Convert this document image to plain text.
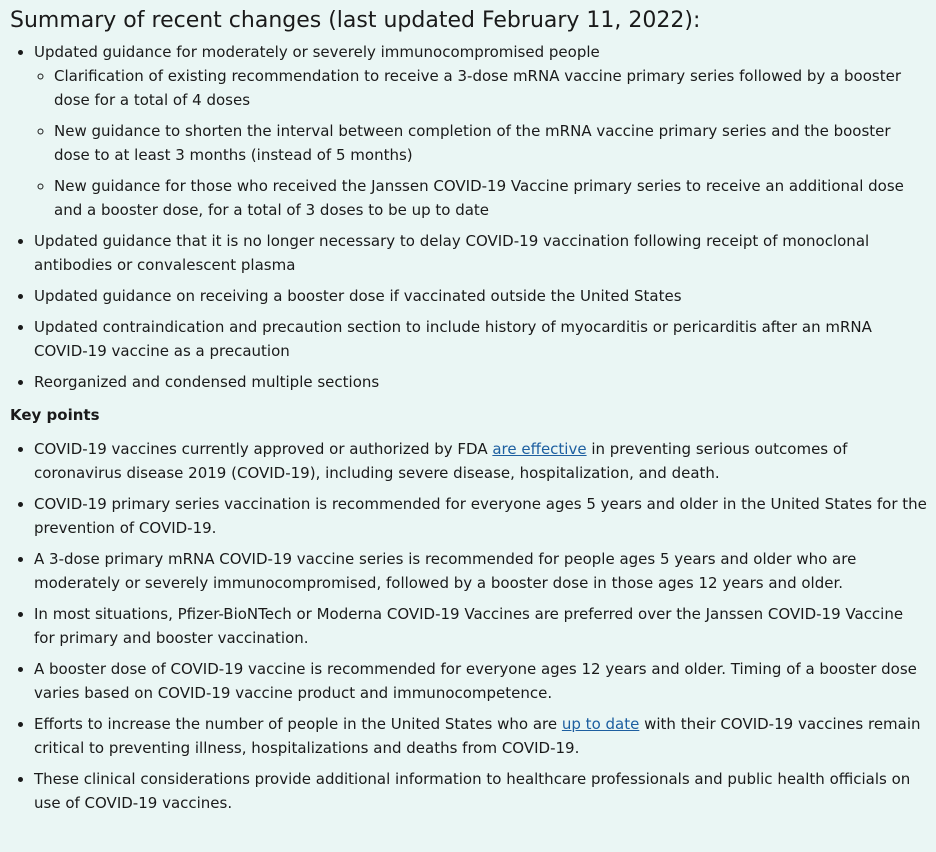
Summary of recent changes (last updated February 11, 2022):
• Updated guidance for moderately or severely immunocompromised people
◦ Clarification of existing recommendation to receive a 3-dose mRNA vaccine primary series followed by a booster dose for a total of 4 doses
◦ New guidance to shorten the interval between completion of the mRNA vaccine primary series and the booster dose to at least 3 months (instead of 5 months)
◦ New guidance for those who received the Janssen COVID-19 Vaccine primary series to receive an additional dose and a booster dose, for a total of 3 doses to be up to date
• Updated guidance that it is no longer necessary to delay COVID-19 vaccination following receipt of monoclonal antibodies or convalescent plasma
• Updated guidance on receiving a booster dose if vaccinated outside the United States
• Updated contraindication and precaution section to include history of myocarditis or pericarditis after an mRNA COVID-19 vaccine as a precaution
• Reorganized and condensed multiple sections
Key points
• COVID-19 vaccines currently approved or authorized by FDA are effective in preventing serious outcomes of coronavirus disease 2019 (COVID-19), including severe disease, hospitalization, and death.
• COVID-19 primary series vaccination is recommended for everyone ages 5 years and older in the United States for the prevention of COVID-19.
• A 3-dose primary mRNA COVID-19 vaccine series is recommended for people ages 5 years and older who are moderately or severely immunocompromised, followed by a booster dose in those ages 12 years and older.
• In most situations, Pfizer-BioNTech or Moderna COVID-19 Vaccines are preferred over the Janssen COVID-19 Vaccine for primary and booster vaccination.
• A booster dose of COVID-19 vaccine is recommended for everyone ages 12 years and older. Timing of a booster dose varies based on COVID-19 vaccine product and immunocompetence.
• Efforts to increase the number of people in the United States who are up to date with their COVID-19 vaccines remain critical to preventing illness, hospitalizations and deaths from COVID-19.
• These clinical considerations provide additional information to healthcare professionals and public health officials on use of COVID-19 vaccines.
